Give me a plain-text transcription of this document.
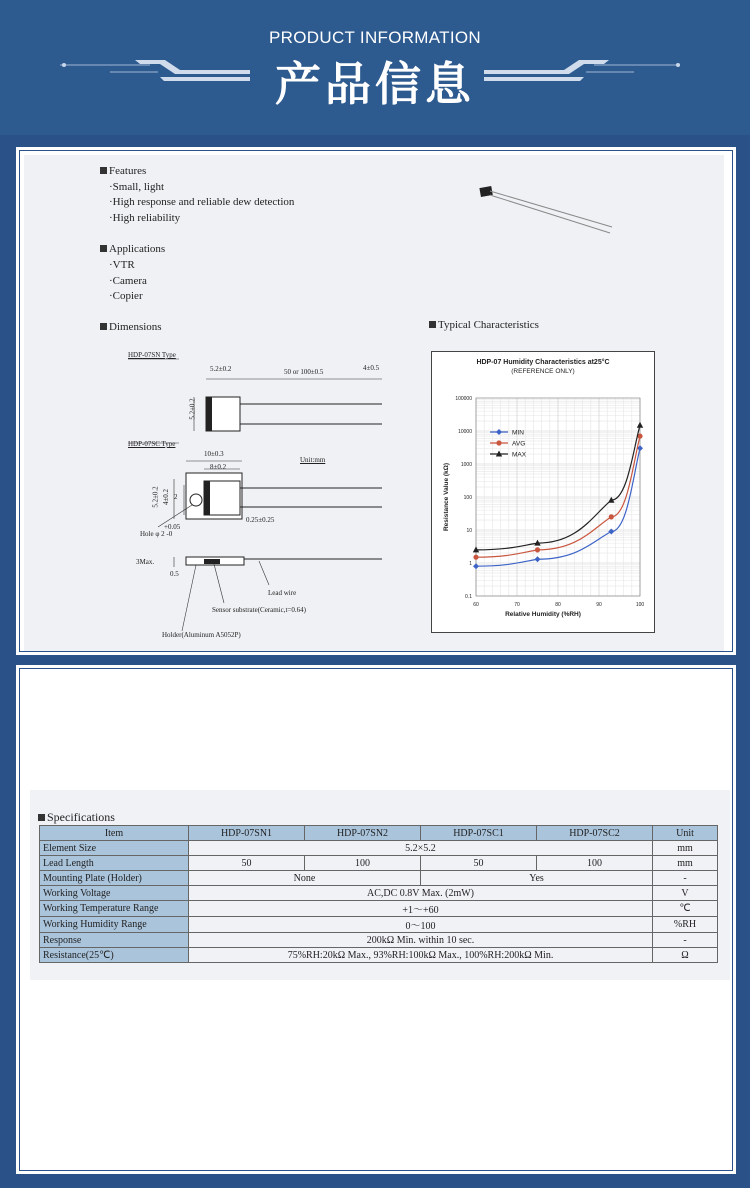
PRODUCT INFORMATION
产品信息
Features
·Small, light
·High response and reliable dew detection
·High reliability
Applications
·VTR
·Camera
·Copier
Dimensions	Typical Characteristics
HDP-07SN Type
5.2±0.2	50 or 100±0.5	4±0.5
5.2±0.2
HDP-07SC Type
10±0.3
8±0.2
Unit:mm
5.2±0.2 4±0.2 2
+0.05
Hole φ 2 -0
0.25±0.25
3Max.
0.5
Lead wire
Sensor substrate(Ceramic,t=0.64)
Holder(Aluminum A5052P)
HDP-07 Humidity Characteristics at25°C
(REFERENCE ONLY)
0.1
1
10
100
1000
10000
100000
60	70	80	90	100
Relative Humidity (%RH)
Resistance Value (kΩ)
MIN
AVG
MAX
Specifications
Item	HDP-07SN1	HDP-07SN2	HDP-07SC1	HDP-07SC2	Unit
Element Size	5.2×5.2				mm
Lead Length	50	100	50	100	mm
Mounting Plate (Holder)	None		Yes		-
Working Voltage	AC,DC 0.8V Max. (2mW)				V
Working Temperature Range	+1～+60				℃
Working Humidity Range	0～100				%RH
Response	200kΩ Min. within 10 sec.				-
Resistance(25℃)	75%RH:20kΩ Max., 93%RH:100kΩ Max., 100%RH:200kΩ Min.				Ω
